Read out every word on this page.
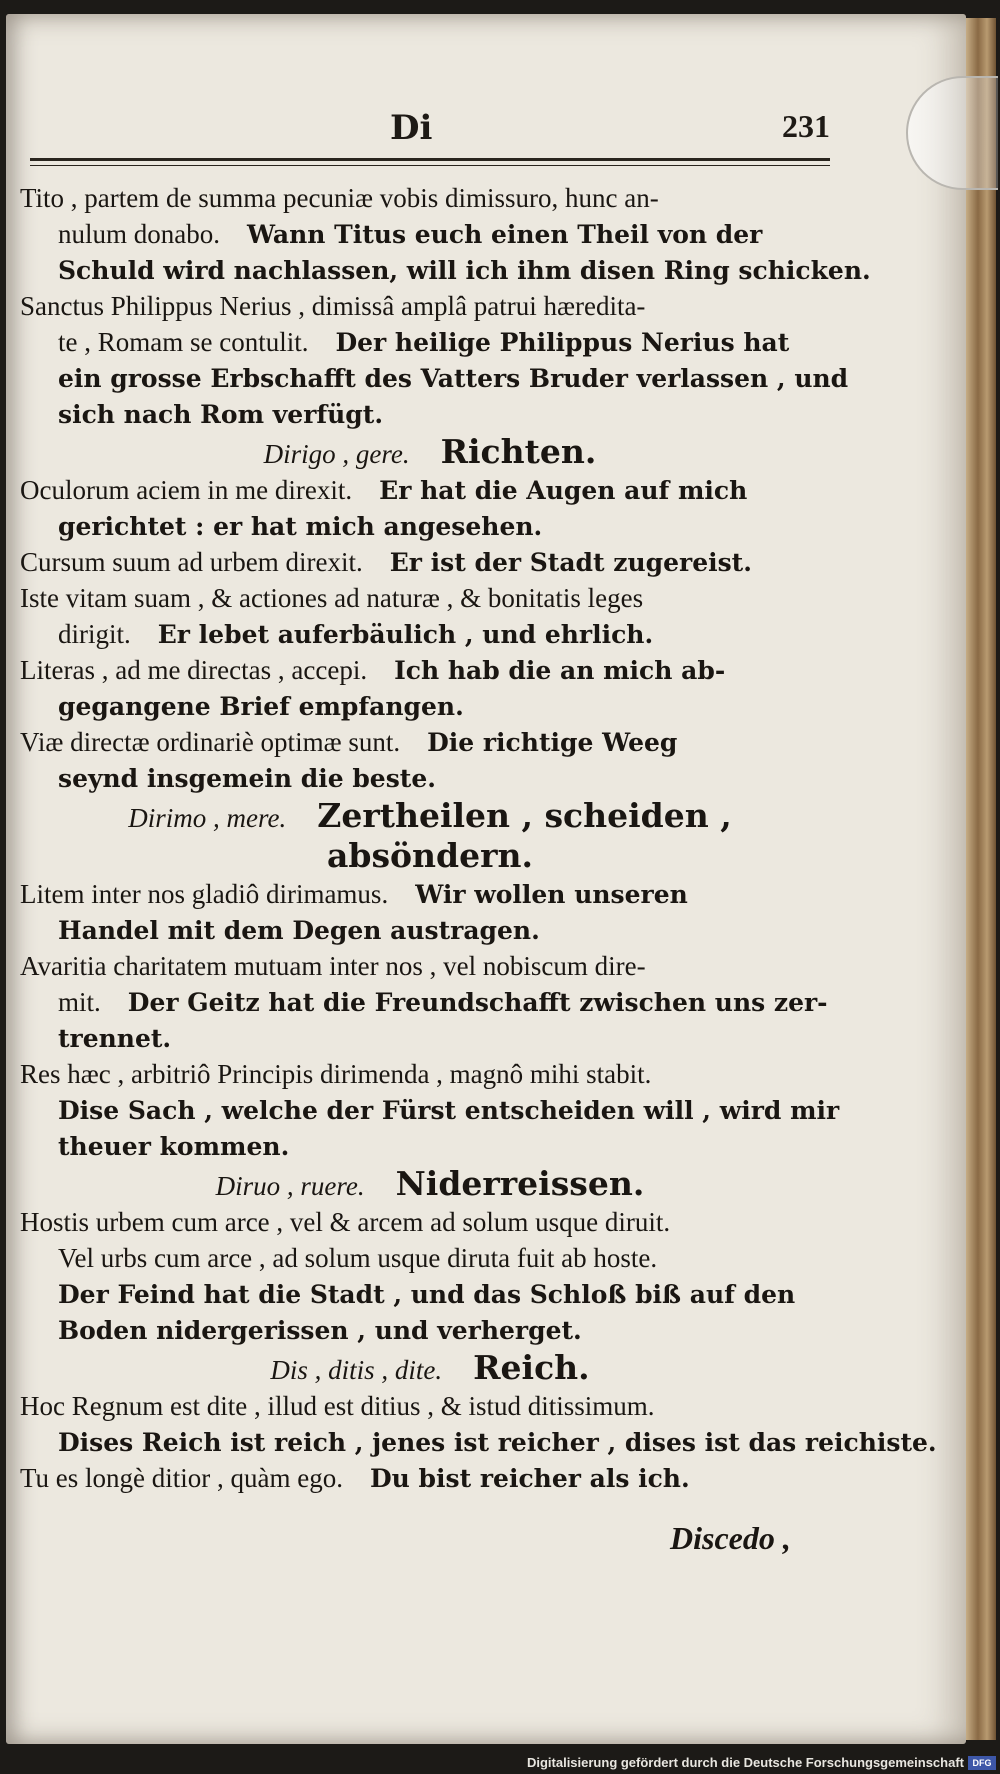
Di	231
Tito , partem de summa pecuniæ vobis dimissuro, hunc an-
nulum donabo.  Wann Titus euch einen Theil von der
Schuld wird nachlassen, will ich ihm disen Ring schicken.
Sanctus Philippus Nerius , dimissâ amplâ patrui hæredita-
te , Romam se contulit.  Der heilige Philippus Nerius hat
ein grosse Erbschafft des Vatters Bruder verlassen , und
sich nach Rom verfügt.
Dirigo , gere.  Richten.
Oculorum aciem in me direxit.  Er hat die Augen auf mich
gerichtet : er hat mich angesehen.
Cursum suum ad urbem direxit.  Er ist der Stadt zugereist.
Iste vitam suam , & actiones ad naturæ , & bonitatis leges
dirigit.  Er lebet auferbäulich , und ehrlich.
Literas , ad me directas , accepi.  Ich hab die an mich ab-
gegangene Brief empfangen.
Viæ directæ ordinariè optimæ sunt.  Die richtige Weeg
seynd insgemein die beste.
Dirimo , mere.  Zertheilen , scheiden ,
absöndern.
Litem inter nos gladiô dirimamus.  Wir wollen unseren
Handel mit dem Degen austragen.
Avaritia charitatem mutuam inter nos , vel nobiscum dire-
mit.  Der Geitz hat die Freundschafft zwischen uns zer-
trennet.
Res hæc , arbitriô Principis dirimenda , magnô mihi stabit.
Dise Sach , welche der Fürst entscheiden will , wird mir
theuer kommen.
Diruo , ruere.  Niderreissen.
Hostis urbem cum arce , vel & arcem ad solum usque diruit.
Vel urbs cum arce , ad solum usque diruta fuit ab hoste.
Der Feind hat die Stadt , und das Schloß biß auf den
Boden nidergerissen , und verherget.
Dis , ditis , dite.  Reich.
Hoc Regnum est dite , illud est ditius , & istud ditissimum.
Dises Reich ist reich , jenes ist reicher , dises ist das reichiste.
Tu es longè ditior , quàm ego.  Du bist reicher als ich.
Discedo ,
Digitalisierung gefördert durch die Deutsche Forschungsgemeinschaft DFG
